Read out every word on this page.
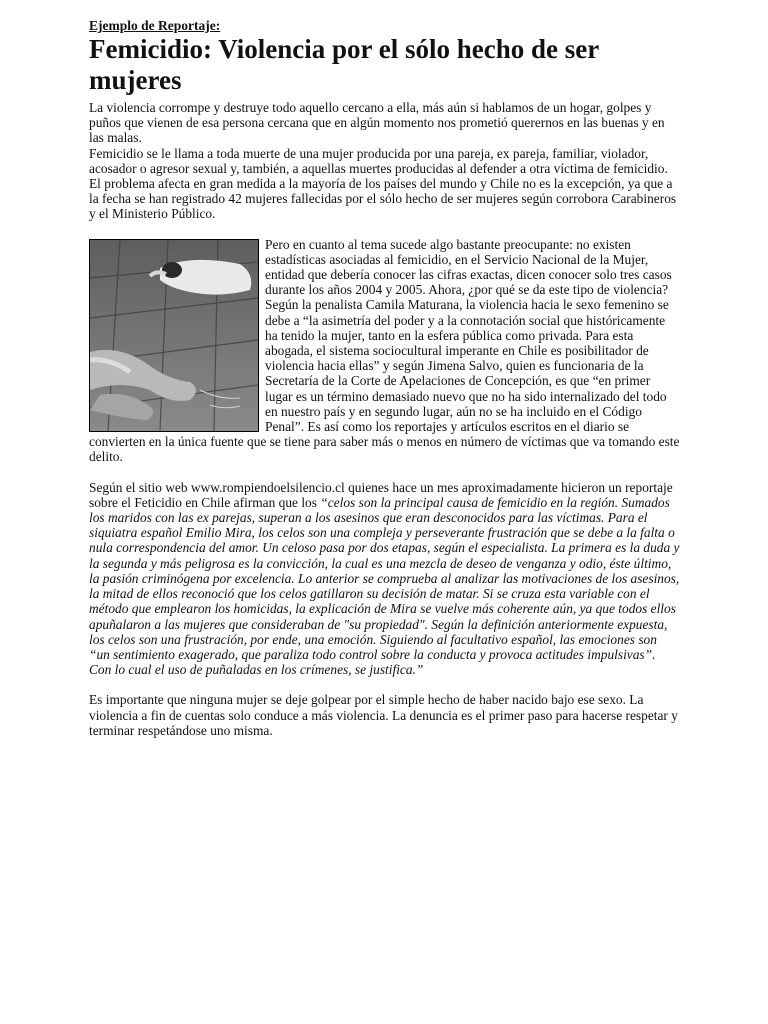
Ejemplo de Reportaje:

Femicidio: Violencia por el sólo hecho de ser mujeres

La violencia corrompe y destruye todo aquello cercano a ella, más aún si hablamos de un hogar, golpes y puños que vienen de esa persona cercana que en algún momento nos prometió querernos en las buenas y en las malas.

Femicidio se le llama a toda muerte de una mujer producida por una pareja, ex pareja, familiar, violador, acosador o agresor sexual y, también, a aquellas muertes producidas al defender a otra víctima de femicidio. El problema afecta en gran medida a la mayoría de los países del mundo y Chile no es la excepción, ya que a la fecha se han registrado 42 mujeres fallecidas por el sólo hecho de ser mujeres según corrobora Carabineros y el Ministerio Público.

Pero en cuanto al tema sucede algo bastante preocupante: no existen estadísticas asociadas al femicidio, en el Servicio Nacional de la Mujer, entidad que debería conocer las cifras exactas, dicen conocer solo tres casos durante los años 2004 y 2005. Ahora, ¿por qué se da este tipo de violencia? Según la penalista Camila Maturana, la violencia hacia le sexo femenino se debe a “la asimetría del poder y a la connotación social que históricamente ha tenido la mujer, tanto en la esfera pública como privada. Para esta abogada, el sistema sociocultural imperante en Chile es posibilitador de violencia hacia ellas” y según Jimena Salvo, quien es funcionaria de la Secretaría de la Corte de Apelaciones de Concepción, es que “en primer lugar es un término demasiado nuevo que no ha sido internalizado del todo en nuestro país y en segundo lugar, aún no se ha incluido en el Código Penal”. Es así como los reportajes y artículos escritos en el diario se convierten en la única fuente que se tiene para saber más o menos en número de víctimas que va tomando este delito.

Según el sitio web www.rompiendoelsilencio.cl quienes hace un mes aproximadamente hicieron un reportaje sobre el Feticidio en Chile afirman que los “celos son la principal causa de femicidio en la región. Sumados los maridos con las ex parejas, superan a los asesinos que eran desconocidos para las víctimas. Para el siquiatra español Emilio Mira, los celos son una compleja y perseverante frustración que se debe a la falta o nula correspondencia del amor. Un celoso pasa por dos etapas, según el especialista. La primera es la duda y la segunda y más peligrosa es la convicción, la cual es una mezcla de deseo de venganza y odio, éste último, la pasión criminógena por excelencia. Lo anterior se comprueba al analizar las motivaciones de los asesinos, la mitad de ellos reconoció que los celos gatillaron su decisión de matar. Si se cruza esta variable con el método que emplearon los homicidas, la explicación de Mira se vuelve más coherente aún, ya que todos ellos apuñalaron a las mujeres que consideraban de "su propiedad". Según la definición anteriormente expuesta, los celos son una frustración, por ende, una emoción. Siguiendo al facultativo español, las emociones son “un sentimiento exagerado, que paraliza todo control sobre la conducta y provoca actitudes impulsivas”. Con lo cual el uso de puñaladas en los crímenes, se justifica.”

Es importante que ninguna mujer se deje golpear por el simple hecho de haber nacido bajo ese sexo. La violencia a fin de cuentas solo conduce a más violencia. La denuncia es el primer paso para hacerse respetar y terminar respetándose uno misma.
